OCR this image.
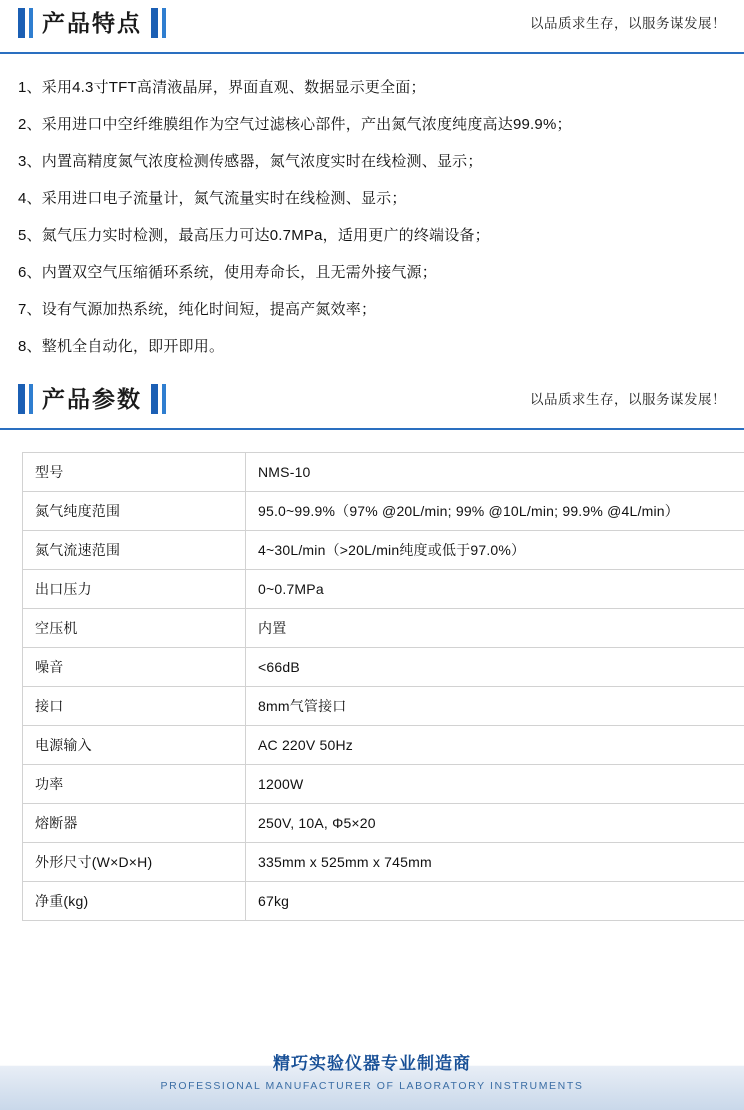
产品特点	以品质求生存，以服务谋发展！
1、采用4.3寸TFT高清液晶屏，界面直观、数据显示更全面；
2、采用进口中空纤维膜组作为空气过滤核心部件，产出氮气浓度纯度高达99.9%；
3、内置高精度氮气浓度检测传感器，氮气浓度实时在线检测、显示；
4、采用进口电子流量计，氮气流量实时在线检测、显示；
5、氮气压力实时检测，最高压力可达0.7MPa，适用更广的终端设备；
6、内置双空气压缩循环系统，使用寿命长，且无需外接气源；
7、设有气源加热系统，纯化时间短，提高产氮效率；
8、整机全自动化，即开即用。
产品参数	以品质求生存，以服务谋发展！
型号	NMS-10
氮气纯度范围	95.0~99.9%（97% @20L/min; 99% @10L/min; 99.9% @4L/min）
氮气流速范围	4~30L/min（>20L/min纯度或低于97.0%）
出口压力	0~0.7MPa
空压机	内置
噪音	<66dB
接口	8mm气管接口
电源输入	AC 220V 50Hz
功率	1200W
熔断器	250V, 10A, Φ5×20
外形尺寸(W×D×H)	335mm x 525mm x 745mm
净重(kg)	67kg
精巧实验仪器专业制造商
PROFESSIONAL MANUFACTURER OF LABORATORY INSTRUMENTS
